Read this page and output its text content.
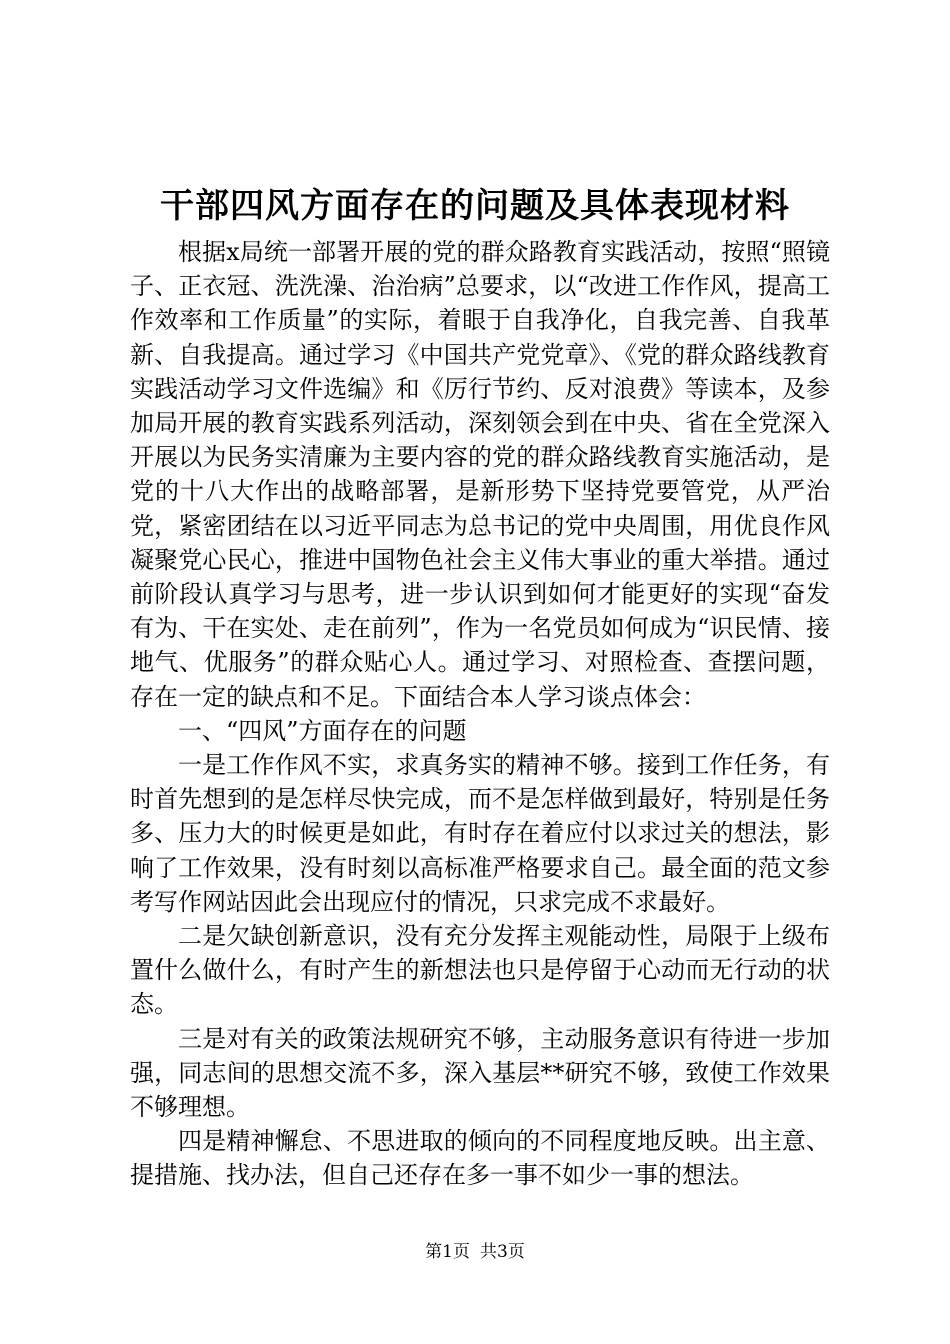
干部四风方面存在的问题及具体表现材料

根据x局统一部署开展的党的群众路教育实践活动，按照“照镜子、正衣冠、洗洗澡、治治病”总要求，以“改进工作作风，提高工作效率和工作质量”的实际，着眼于自我净化，自我完善、自我革新、自我提高。通过学习《中国共产党党章》、《党的群众路线教育实践活动学习文件选编》和《厉行节约、反对浪费》等读本，及参加局开展的教育实践系列活动，深刻领会到在中央、省在全党深入开展以为民务实清廉为主要内容的党的群众路线教育实施活动，是党的十八大作出的战略部署，是新形势下坚持党要管党，从严治党，紧密团结在以习近平同志为总书记的党中央周围，用优良作风凝聚党心民心，推进中国物色社会主义伟大事业的重大举措。通过前阶段认真学习与思考，进一步认识到如何才能更好的实现“奋发有为、干在实处、走在前列”，作为一名党员如何成为“识民情、接地气、优服务”的群众贴心人。通过学习、对照检查、查摆问题，存在一定的缺点和不足。下面结合本人学习谈点体会：

一、“四风”方面存在的问题

一是工作作风不实，求真务实的精神不够。接到工作任务，有时首先想到的是怎样尽快完成，而不是怎样做到最好，特别是任务多、压力大的时候更是如此，有时存在着应付以求过关的想法，影响了工作效果，没有时刻以高标准严格要求自己。最全面的范文参考写作网站因此会出现应付的情况，只求完成不求最好。

二是欠缺创新意识，没有充分发挥主观能动性，局限于上级布置什么做什么，有时产生的新想法也只是停留于心动而无行动的状态。

三是对有关的政策法规研究不够，主动服务意识有待进一步加强，同志间的思想交流不多，深入基层**研究不够，致使工作效果不够理想。

四是精神懈怠、不思进取的倾向的不同程度地反映。出主意、提措施、找办法，但自己还存在多一事不如少一事的想法。

第1页 共3页
